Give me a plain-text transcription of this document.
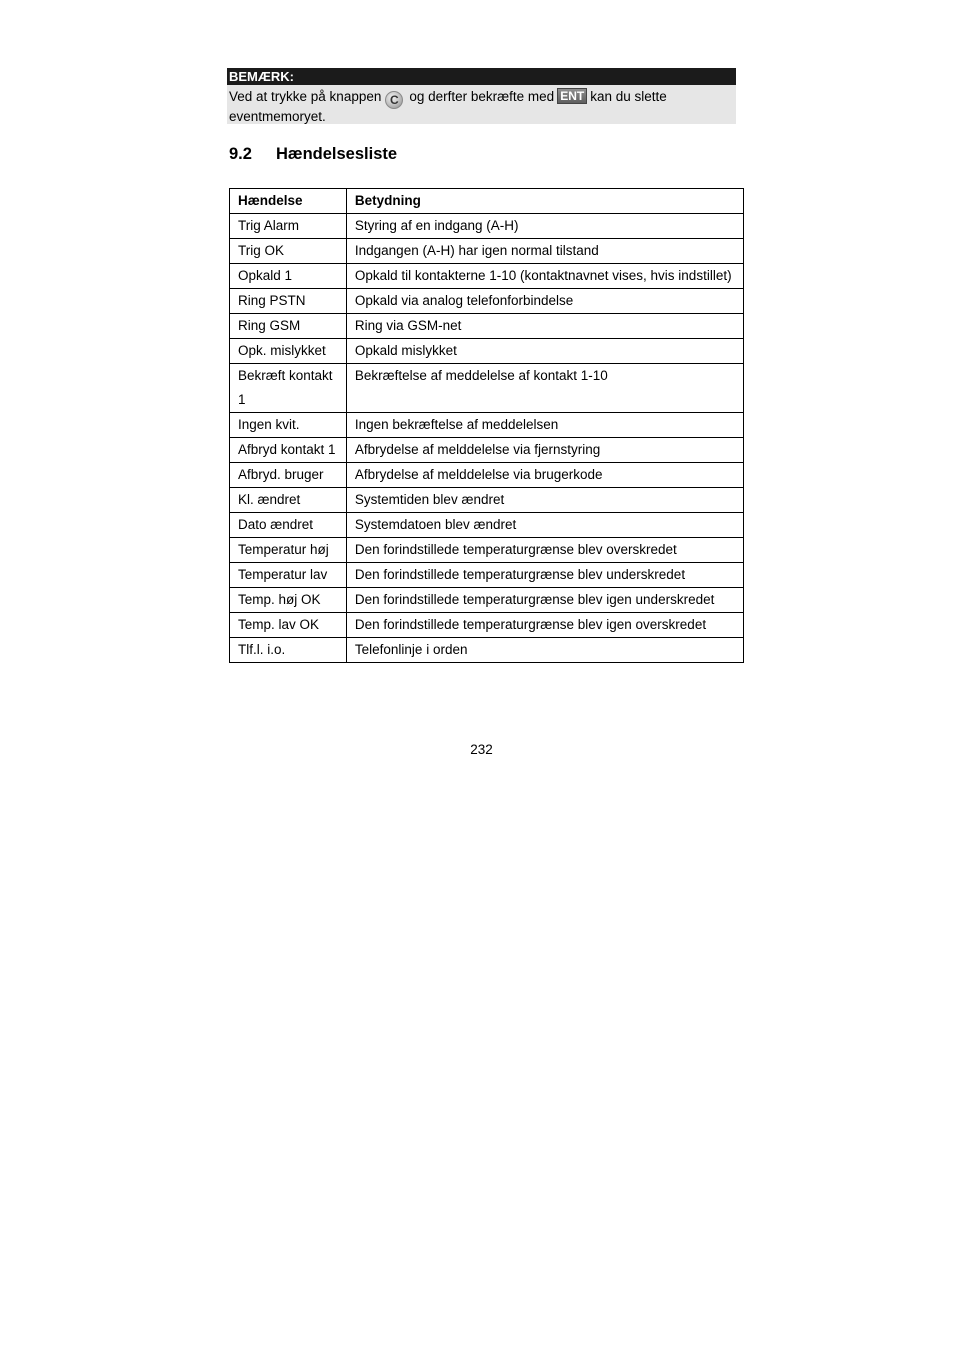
BEMÆRK:
Ved at trykke på knappen C og derfter bekræfte med ENT kan du slette eventmemoryet.
9.2 Hændelsesliste
Hændelse	Betydning
Trig Alarm	Styring af en indgang (A-H)
Trig OK	Indgangen (A-H) har igen normal tilstand
Opkald 1	Opkald til kontakterne 1-10 (kontaktnavnet vises, hvis indstillet)
Ring PSTN	Opkald via analog telefonforbindelse
Ring GSM	Ring via GSM-net
Opk. mislykket	Opkald mislykket
Bekræft kontakt 1	Bekræftelse af meddelelse af kontakt 1-10
Ingen kvit.	Ingen bekræftelse af meddelelsen
Afbryd kontakt 1	Afbrydelse af melddelelse via fjernstyring
Afbryd. bruger	Afbrydelse af melddelelse via brugerkode
Kl. ændret	Systemtiden blev ændret
Dato ændret	Systemdatoen blev ændret
Temperatur høj	Den forindstillede temperaturgrænse blev overskredet
Temperatur lav	Den forindstillede temperaturgrænse blev underskredet
Temp. høj OK	Den forindstillede temperaturgrænse blev igen underskredet
Temp. lav OK	Den forindstillede temperaturgrænse blev igen overskredet
Tlf.l. i.o.	Telefonlinje i orden
232
